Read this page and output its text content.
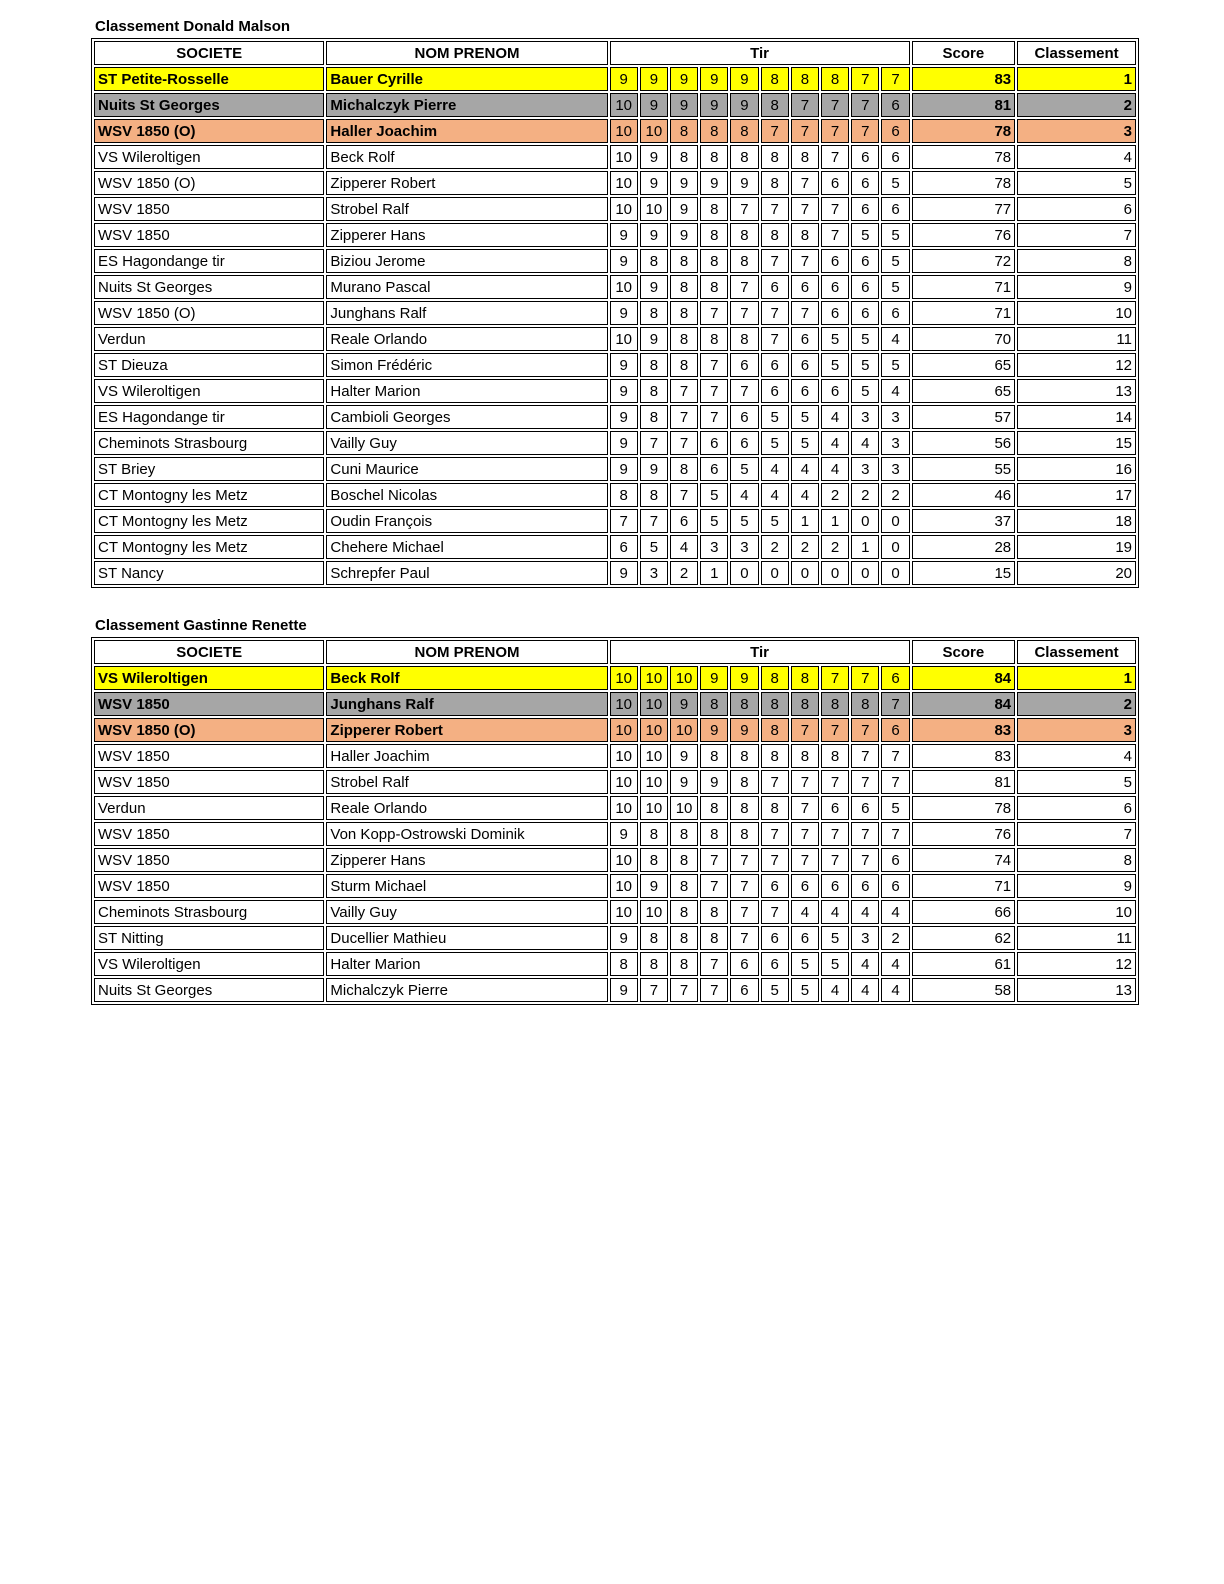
Classement Donald Malson
SOCIETE	NOM PRENOM	Tir										Score	Classement
ST Petite-Rosselle	Bauer Cyrille	9	9	9	9	9	8	8	8	7	7	83	1
Nuits St Georges	Michalczyk Pierre	10	9	9	9	9	8	7	7	7	6	81	2
WSV 1850 (O)	Haller Joachim	10	10	8	8	8	7	7	7	7	6	78	3
VS Wileroltigen	Beck Rolf	10	9	8	8	8	8	8	7	6	6	78	4
WSV 1850 (O)	Zipperer Robert	10	9	9	9	9	8	7	6	6	5	78	5
WSV 1850	Strobel Ralf	10	10	9	8	7	7	7	7	6	6	77	6
WSV 1850	Zipperer Hans	9	9	9	8	8	8	8	7	5	5	76	7
ES Hagondange tir	Biziou Jerome	9	8	8	8	8	7	7	6	6	5	72	8
Nuits St Georges	Murano Pascal	10	9	8	8	7	6	6	6	6	5	71	9
WSV 1850 (O)	Junghans Ralf	9	8	8	7	7	7	7	6	6	6	71	10
Verdun	Reale Orlando	10	9	8	8	8	7	6	5	5	4	70	11
ST Dieuza	Simon Frédéric	9	8	8	7	6	6	6	5	5	5	65	12
VS Wileroltigen	Halter Marion	9	8	7	7	7	6	6	6	5	4	65	13
ES Hagondange tir	Cambioli Georges	9	8	7	7	6	5	5	4	3	3	57	14
Cheminots Strasbourg	Vailly Guy	9	7	7	6	6	5	5	4	4	3	56	15
ST Briey	Cuni Maurice	9	9	8	6	5	4	4	4	3	3	55	16
CT Montogny les Metz	Boschel Nicolas	8	8	7	5	4	4	4	2	2	2	46	17
CT Montogny les Metz	Oudin François	7	7	6	5	5	5	1	1	0	0	37	18
CT Montogny les Metz	Chehere Michael	6	5	4	3	3	2	2	2	1	0	28	19
ST Nancy	Schrepfer Paul	9	3	2	1	0	0	0	0	0	0	15	20
Classement Gastinne Renette
SOCIETE	NOM PRENOM	Tir										Score	Classement
VS Wileroltigen	Beck Rolf	10	10	10	9	9	8	8	7	7	6	84	1
WSV 1850	Junghans Ralf	10	10	9	8	8	8	8	8	8	7	84	2
WSV 1850 (O)	Zipperer Robert	10	10	10	9	9	8	7	7	7	6	83	3
WSV 1850	Haller Joachim	10	10	9	8	8	8	8	8	7	7	83	4
WSV 1850	Strobel Ralf	10	10	9	9	8	7	7	7	7	7	81	5
Verdun	Reale Orlando	10	10	10	8	8	8	7	6	6	5	78	6
WSV 1850	Von Kopp-Ostrowski Dominik	9	8	8	8	8	7	7	7	7	7	76	7
WSV 1850	Zipperer Hans	10	8	8	7	7	7	7	7	7	6	74	8
WSV 1850	Sturm Michael	10	9	8	7	7	6	6	6	6	6	71	9
Cheminots Strasbourg	Vailly Guy	10	10	8	8	7	7	4	4	4	4	66	10
ST Nitting	Ducellier Mathieu	9	8	8	8	7	6	6	5	3	2	62	11
VS Wileroltigen	Halter Marion	8	8	8	7	6	6	5	5	4	4	61	12
Nuits St Georges	Michalczyk Pierre	9	7	7	7	6	5	5	4	4	4	58	13
